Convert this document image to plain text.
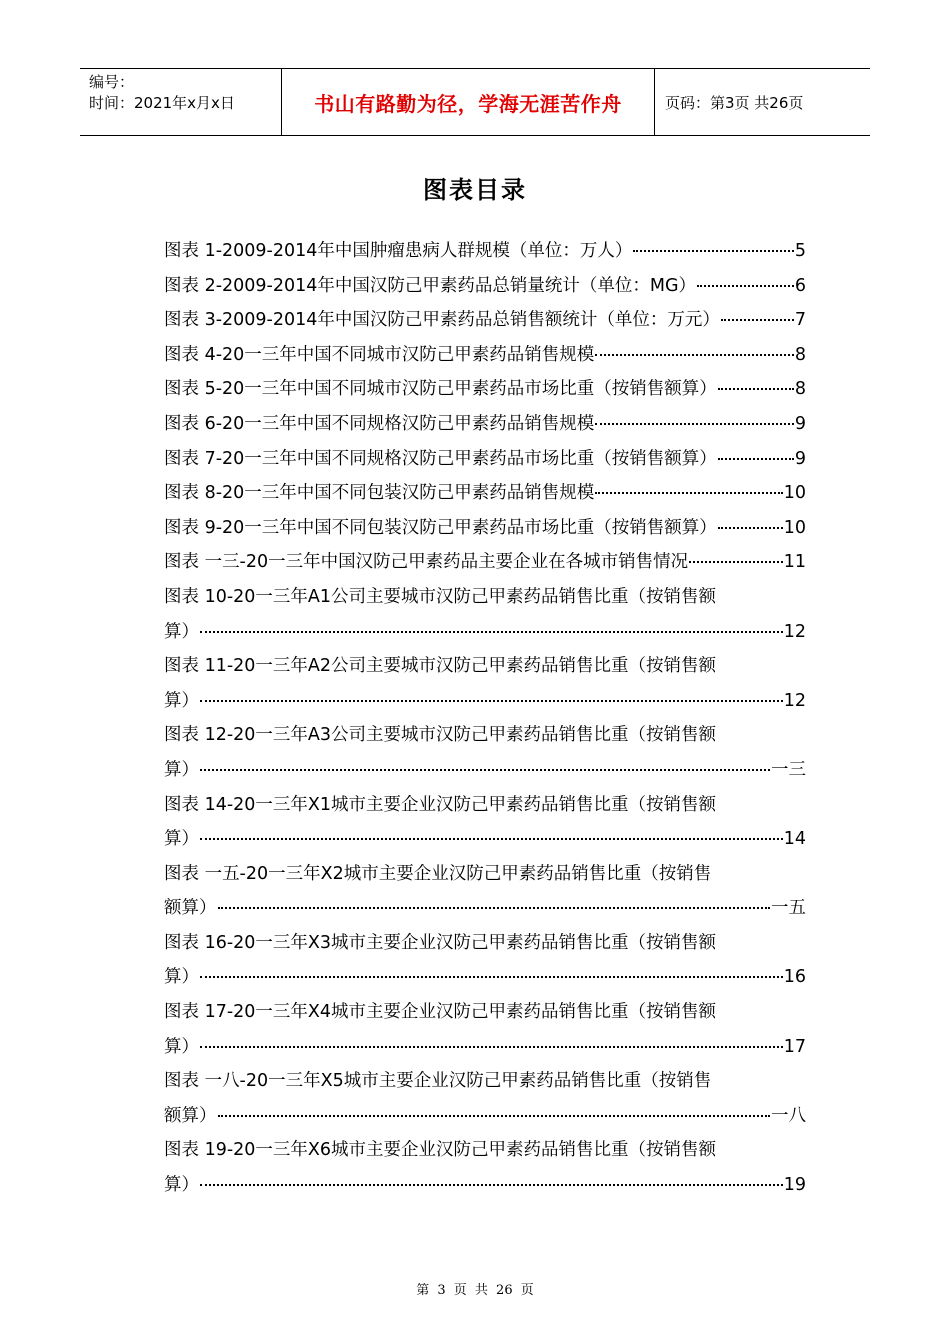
编号：
时间：2021年x月x日	书山有路勤为径，学海无涯苦作舟	页码：第3页 共26页
图表目录
图表 1-2009-2014年中国肿瘤患病人群规模（单位：万人）	5
图表 2-2009-2014年中国汉防己甲素药品总销量统计（单位：MG）	6
图表 3-2009-2014年中国汉防己甲素药品总销售额统计（单位：万元）	7
图表 4-20一三年中国不同城市汉防己甲素药品销售规模	8
图表 5-20一三年中国不同城市汉防己甲素药品市场比重（按销售额算）	8
图表 6-20一三年中国不同规格汉防己甲素药品销售规模	9
图表 7-20一三年中国不同规格汉防己甲素药品市场比重（按销售额算）	9
图表 8-20一三年中国不同包装汉防己甲素药品销售规模	10
图表 9-20一三年中国不同包装汉防己甲素药品市场比重（按销售额算）	10
图表 一三-20一三年中国汉防己甲素药品主要企业在各城市销售情况	11
图表 10-20一三年A1公司主要城市汉防己甲素药品销售比重（按销售额
算）	12
图表 11-20一三年A2公司主要城市汉防己甲素药品销售比重（按销售额
算）	12
图表 12-20一三年A3公司主要城市汉防己甲素药品销售比重（按销售额
算）	一三
图表 14-20一三年X1城市主要企业汉防己甲素药品销售比重（按销售额
算）	14
图表 一五-20一三年X2城市主要企业汉防己甲素药品销售比重（按销售
额算）	一五
图表 16-20一三年X3城市主要企业汉防己甲素药品销售比重（按销售额
算）	16
图表 17-20一三年X4城市主要企业汉防己甲素药品销售比重（按销售额
算）	17
图表 一八-20一三年X5城市主要企业汉防己甲素药品销售比重（按销售
额算）	一八
图表 19-20一三年X6城市主要企业汉防己甲素药品销售比重（按销售额
算）	19
第 3 页 共 26 页
